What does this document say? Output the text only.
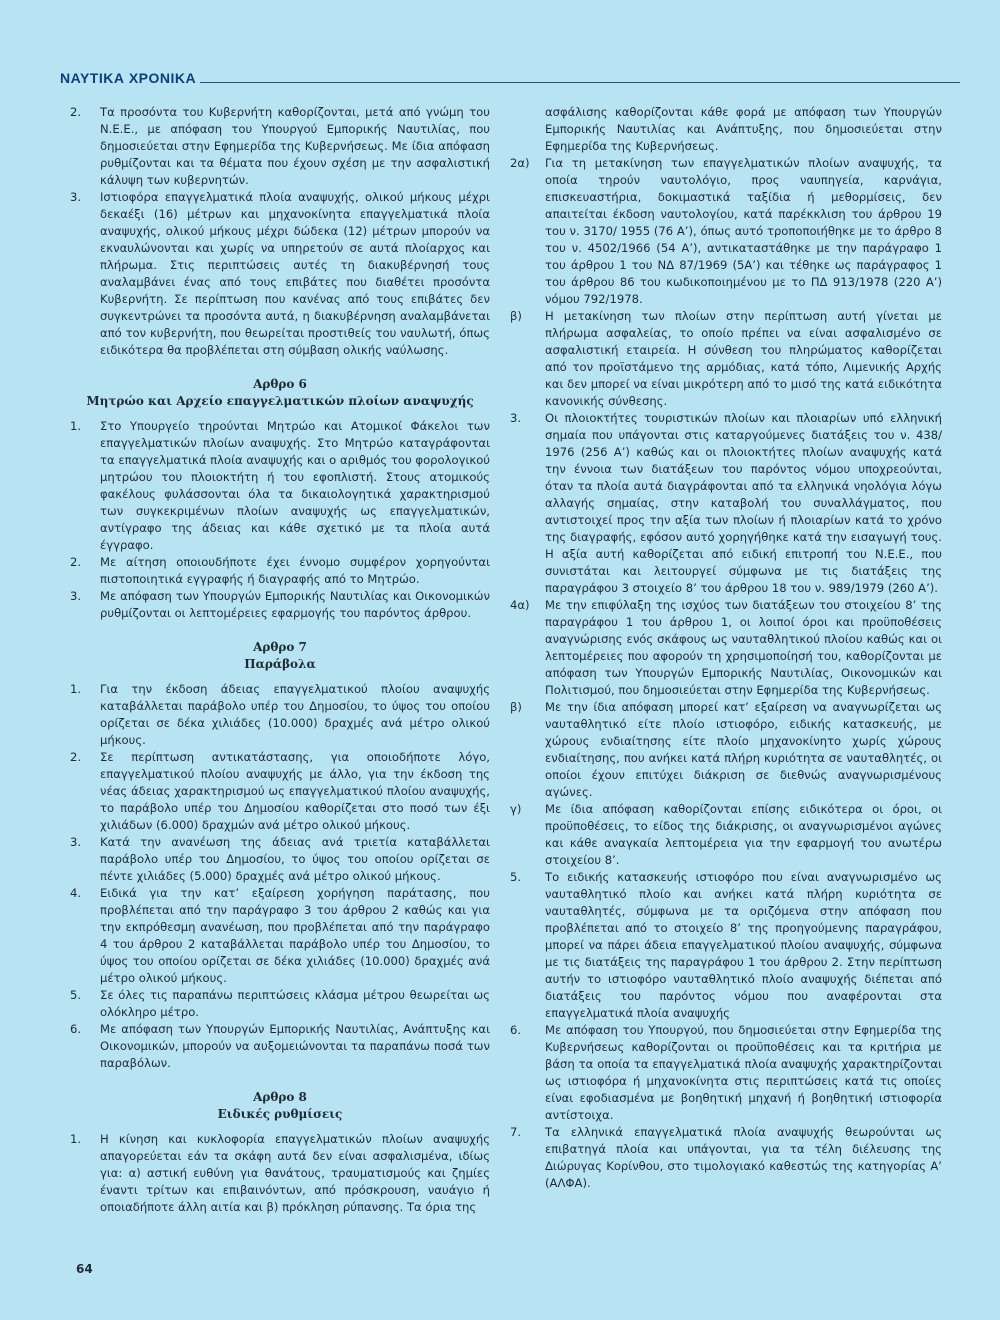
ΝΑΥΤΙΚΑ ΧΡΟΝΙΚΑ
2.	Τα προσόντα του Κυβερνήτη καθορίζονται, μετά από γνώμη του Ν.Ε.Ε., με απόφαση του Υπουργού Εμπορικής Ναυτιλίας, που δημοσιεύεται στην Εφημερίδα της Κυβερνήσεως. Με ίδια απόφαση ρυθμίζονται και τα θέματα που έχουν σχέση με την ασφαλιστική κάλυψη των κυβερνητών.
3.	Ιστιοφόρα επαγγελματικά πλοία αναψυχής, ολικού μήκους μέχρι δεκαέξι (16) μέτρων και μηχανοκίνητα επαγγελματικά πλοία αναψυχής, ολικού μήκους μέχρι δώδεκα (12) μέτρων μπορούν να εκναυλώνονται και χωρίς να υπηρετούν σε αυτά πλοίαρχος και πλήρωμα. Στις περιπτώσεις αυτές τη διακυβέρνησή τους αναλαμβάνει ένας από τους επιβάτες που διαθέτει προσόντα Κυβερνήτη. Σε περίπτωση που κανένας από τους επιβάτες δεν συγκεντρώνει τα προσόντα αυτά, η διακυβέρνηση αναλαμβάνεται από τον κυβερνήτη, που θεωρείται προστιθείς του ναυλωτή, όπως ειδικότερα θα προβλέπεται στη σύμβαση ολικής ναύλωσης.

Αρθρο 6

Μητρώο και Αρχείο επαγγελματικών πλοίων αναψυχής

1.	Στο Υπουργείο τηρούνται Μητρώο και Ατομικοί Φάκελοι των επαγγελματικών πλοίων αναψυχής. Στο Μητρώο καταγράφονται τα επαγγελματικά πλοία αναψυχής και ο αριθμός του φορολογικού μητρώου του πλοιοκτήτη ή του εφοπλιστή. Στους ατομικούς φακέλους φυλάσσονται όλα τα δικαιολογητικά χαρακτηρισμού των συγκεκριμένων πλοίων αναψυχής ως επαγγελματικών, αντίγραφο της άδειας και κάθε σχετικό με τα πλοία αυτά έγγραφο.
2.	Με αίτηση οποιουδήποτε έχει έννομο συμφέρον χορηγούνται πιστοποιητικά εγγραφής ή διαγραφής από το Μητρώο.
3.	Με απόφαση των Υπουργών Εμπορικής Ναυτιλίας και Οικονομικών ρυθμίζονται οι λεπτομέρειες εφαρμογής του παρόντος άρθρου.

Αρθρο 7

Παράβολα

1.	Για την έκδοση άδειας επαγγελματικού πλοίου αναψυχής καταβάλλεται παράβολο υπέρ του Δημοσίου, το ύψος του οποίου ορίζεται σε δέκα χιλιάδες (10.000) δραχμές ανά μέτρο ολικού μήκους.
2.	Σε περίπτωση αντικατάστασης, για οποιοδήποτε λόγο, επαγγελματικού πλοίου αναψυχής με άλλο, για την έκδοση της νέας άδειας χαρακτηρισμού ως επαγγελματικού πλοίου αναψυχής, το παράβολο υπέρ του Δημοσίου καθορίζεται στο ποσό των έξι χιλιάδων (6.000) δραχμών ανά μέτρο ολικού μήκους.
3.	Κατά την ανανέωση της άδειας ανά τριετία καταβάλλεται παράβολο υπέρ του Δημοσίου, το ύψος του οποίου ορίζεται σε πέντε χιλιάδες (5.000) δραχμές ανά μέτρο ολικού μήκους.
4.	Ειδικά για την κατ’ εξαίρεση χορήγηση παράτασης, που προβλέπεται από την παράγραφο 3 του άρθρου 2 καθώς και για την εκπρόθεσμη ανανέωση, που προβλέπεται από την παράγραφο 4 του άρθρου 2 καταβάλλεται παράβολο υπέρ του Δημοσίου, το ύψος του οποίου ορίζεται σε δέκα χιλιάδες (10.000) δραχμές ανά μέτρο ολικού μήκους.
5.	Σε όλες τις παραπάνω περιπτώσεις κλάσμα μέτρου θεωρείται ως ολόκληρο μέτρο.
6.	Με απόφαση των Υπουργών Εμπορικής Ναυτιλίας, Ανάπτυξης και Οικονομικών, μπορούν να αυξομειώνονται τα παραπάνω ποσά των παραβόλων.

Αρθρο 8

Ειδικές ρυθμίσεις

1.	Η κίνηση και κυκλοφορία επαγγελματικών πλοίων αναψυχής απαγορεύεται εάν τα σκάφη αυτά δεν είναι ασφαλισμένα, ιδίως για: α) αστική ευθύνη για θανάτους, τραυματισμούς και ζημίες έναντι τρίτων και επιβαινόντων, από πρόσκρουση, ναυάγιο ή οποιαδήποτε άλλη αιτία και β) πρόκληση ρύπανσης. Τα όρια της

ασφάλισης καθορίζονται κάθε φορά με απόφαση των Υπουργών Εμπορικής Ναυτιλίας και Ανάπτυξης, που δημοσιεύεται στην Εφημερίδα της Κυβερνήσεως.

2α)	Για τη μετακίνηση των επαγγελματικών πλοίων αναψυχής, τα οποία τηρούν ναυτολόγιο, προς ναυπηγεία, καρνάγια, επισκευαστήρια, δοκιμαστικά ταξίδια ή μεθορμίσεις, δεν απαιτείται έκδοση ναυτολογίου, κατά παρέκκλιση του άρθρου 19 του ν. 3170/ 1955 (76 Α’), όπως αυτό τροποποιήθηκε με το άρθρο 8 του ν. 4502/1966 (54 Α’), αντικαταστάθηκε με την παράγραφο 1 του άρθρου 1 του ΝΔ 87/1969 (5Α’) και τέθηκε ως παράγραφος 1 του άρθρου 86 του κωδικοποιημένου με το ΠΔ 913/1978 (220 Α’) νόμου 792/1978.
β)	Η μετακίνηση των πλοίων στην περίπτωση αυτή γίνεται με πλήρωμα ασφαλείας, το οποίο πρέπει να είναι ασφαλισμένο σε ασφαλιστική εταιρεία. Η σύνθεση του πληρώματος καθορίζεται από τον προϊστάμενο της αρμόδιας, κατά τόπο, Λιμενικής Αρχής και δεν μπορεί να είναι μικρότερη από το μισό της κατά ειδικότητα κανονικής σύνθεσης.
3.	Οι πλοιοκτήτες τουριστικών πλοίων και πλοιαρίων υπό ελληνική σημαία που υπάγονται στις καταργούμενες διατάξεις του ν. 438/ 1976 (256 Α’) καθώς και οι πλοιοκτήτες πλοίων αναψυχής κατά την έννοια των διατάξεων του παρόντος νόμου υποχρεούνται, όταν τα πλοία αυτά διαγράφονται από τα ελληνικά νηολόγια λόγω αλλαγής σημαίας, στην καταβολή του συναλλάγματος, που αντιστοιχεί προς την αξία των πλοίων ή πλοιαρίων κατά το χρόνο της διαγραφής, εφόσον αυτό χορηγήθηκε κατά την εισαγωγή τους. Η αξία αυτή καθορίζεται από ειδική επιτροπή του Ν.Ε.Ε., που συνιστάται και λειτουργεί σύμφωνα με τις διατάξεις της παραγράφου 3 στοιχείο 8’ του άρθρου 18 του ν. 989/1979 (260 Α’).
4α)	Με την επιφύλαξη της ισχύος των διατάξεων του στοιχείου 8’ της παραγράφου 1 του άρθρου 1, οι λοιποί όροι και προϋποθέσεις αναγνώρισης ενός σκάφους ως ναυταθλητικού πλοίου καθώς και οι λεπτομέρειες που αφορούν τη χρησιμοποίησή του, καθορίζονται με απόφαση των Υπουργών Εμπορικής Ναυτιλίας, Οικονομικών και Πολιτισμού, που δημοσιεύεται στην Εφημερίδα της Κυβερνήσεως.
β)	Με την ίδια απόφαση μπορεί κατ’ εξαίρεση να αναγνωρίζεται ως ναυταθλητικό είτε πλοίο ιστιοφόρο, ειδικής κατασκευής, με χώρους ενδιαίτησης είτε πλοίο μηχανοκίνητο χωρίς χώρους ενδιαίτησης, που ανήκει κατά πλήρη κυριότητα σε ναυταθλητές, οι οποίοι έχουν επιτύχει διάκριση σε διεθνώς αναγνωρισμένους αγώνες.
γ)	Με ίδια απόφαση καθορίζονται επίσης ειδικότερα οι όροι, οι προϋποθέσεις, το είδος της διάκρισης, οι αναγνωρισμένοι αγώνες και κάθε αναγκαία λεπτομέρεια για την εφαρμογή του ανωτέρω στοιχείου 8’.
5.	Το ειδικής κατασκευής ιστιοφόρο που είναι αναγνωρισμένο ως ναυταθλητικό πλοίο και ανήκει κατά πλήρη κυριότητα σε ναυταθλητές, σύμφωνα με τα οριζόμενα στην απόφαση που προβλέπεται από το στοιχείο 8’ της προηγούμενης παραγράφου, μπορεί να πάρει άδεια επαγγελματικού πλοίου αναψυχής, σύμφωνα με τις διατάξεις της παραγράφου 1 του άρθρου 2. Στην περίπτωση αυτήν το ιστιοφόρο ναυταθλητικό πλοίο αναψυχής διέπεται από διατάξεις του παρόντος νόμου που αναφέρονται στα επαγγελματικά πλοία αναψυχής
6.	Με απόφαση του Υπουργού, που δημοσιεύεται στην Εφημερίδα της Κυβερνήσεως καθορίζονται οι προϋποθέσεις και τα κριτήρια με βάση τα οποία τα επαγγελματικά πλοία αναψυχής χαρακτηρίζονται ως ιστιοφόρα ή μηχανοκίνητα στις περιπτώσεις κατά τις οποίες είναι εφοδιασμένα με βοηθητική μηχανή ή βοηθητική ιστιοφορία αντίστοιχα.
7.	Τα ελληνικά επαγγελματικά πλοία αναψυχής θεωρούνται ως επιβατηγά πλοία και υπάγονται, για τα τέλη διέλευσης της Διώρυγας Κορίνθου, στο τιμολογιακό καθεστώς της κατηγορίας Α’ (ΑΛΦΑ).
64
